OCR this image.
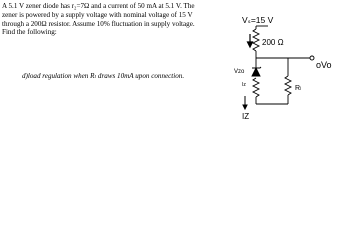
A 5.1 V zener diode has r₂=7Ω and a current of 50 mA at 5.1 V. The
zener is powered by a supply voltage with nominal voltage of 15 V
through a 200Ω resistor. Assume 10% fluctuation in supply voltage.
Find the following:
d)load regulation when Rₗ draws 10mA upon connection.
Vₛ=15 V
200 Ω
oVo
Vzo
Iz
IZ
Rₗ
